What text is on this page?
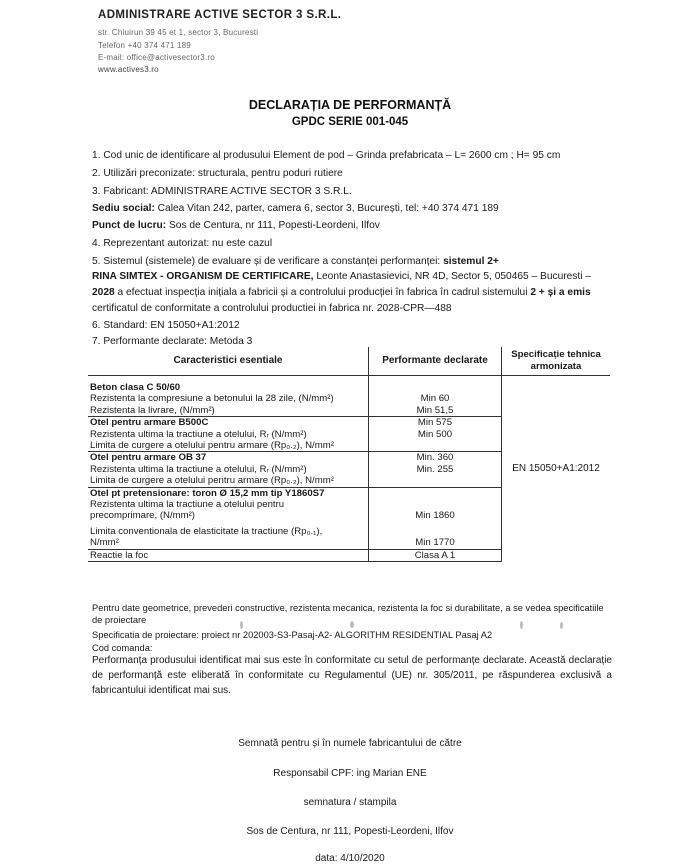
ADMINISTRARE ACTIVE SECTOR 3 S.R.L.
str. Chiuirun 39 45 et 1, sector 3, Bucuresti
Telefon +40 374 471 189
E-mail: office@activesector3.ro
www.actives3.ro
DECLARAȚIA DE PERFORMANȚĂ
GPDC SERIE 001-045
1. Cod unic de identificare al produsului Element de pod – Grinda prefabricata – L= 2600 cm ; H= 95 cm
2. Utilizări preconizate: structurala, pentru poduri rutiere
3. Fabricant: ADMINISTRARE ACTIVE SECTOR 3 S.R.L.
Sediu social: Calea Vitan 242, parter, camera 6, sector 3, București, tel: +40 374 471 189
Punct de lucru: Sos de Centura, nr 111, Popesti-Leordeni, Ilfov
4. Reprezentant autorizat: nu este cazul
5. Sistemul (sistemele) de evaluare și de verificare a constanței performanței: sistemul 2+
RINA SIMTEX - ORGANISM DE CERTIFICARE, Leonte Anastasievici, NR 4D, Sector 5, 050465 – Bucuresti –
2028 a efectuat inspecția inițiala a fabricii și a controlului producției în fabrica în cadrul sistemului 2 + și a emis
certificatul de conformitate a controlului productiei in fabrica nr. 2028-CPR—488
6. Standard: EN 15050+A1:2012
7. Performante declarate: Metoda 3
Caracteristici esentiale	Performante declarate	Specificație tehnica armonizata
Beton clasa C 50/60		EN 15050+A1:2012
Rezistenta la compresiune a betonului la 28 zile, (N/mm²)	Min 60	
Rezistenta la livrare, (N/mm²)	Min 51,5	
Otel pentru armare B500C	Min 575	
Rezistenta ultima la tractiune a otelului, Rᵣ (N/mm²)	Min 500	
Limita de curgere a otelului pentru armare (Rp₀.₂), N/mm²		
Otel pentru armare OB 37	Min. 360	
Rezistenta ultima la tractiune a otelului, Rᵣ (N/mm²)	Min. 255	
Limita de curgere a otelului pentru armare (Rp₀.₂), N/mm²		
Otel pt pretensionare: toron Ø 15,2 mm tip Y1860S7		
Rezistenta ultima la tractiune a otelului pentru		
precomprimare, (N/mm²)	Min 1860	
Limita conventionala de elasticitate la tractiune (Rp₀.₁),		
N/mm²	Min 1770	
Reactie la foc	Clasa A 1	
Pentru date geometrice, prevederi constructive, rezistenta mecanica, rezistenta la foc si durabilitate, a se vedea specificatiile
de proiectare
Specificatia de proiectare: proiect nr 202003-S3-Pasaj-A2- ALGORITHM RESIDENTIAL Pasaj A2
Cod comanda:
Performanța produsului identificat mai sus este în conformitate cu setul de performanțe declarate. Această declarație de performanță este eliberată în conformitate cu Regulamentul (UE) nr. 305/2011, pe răspunderea exclusivă a fabricantului identificat mai sus.
Semnată pentru și în numele fabricantului de către
Responsabil CPF: ing Marian ENE
semnatura / stampila
Sos de Centura, nr 111, Popesti-Leordeni, Ilfov
data: 4/10/2020
